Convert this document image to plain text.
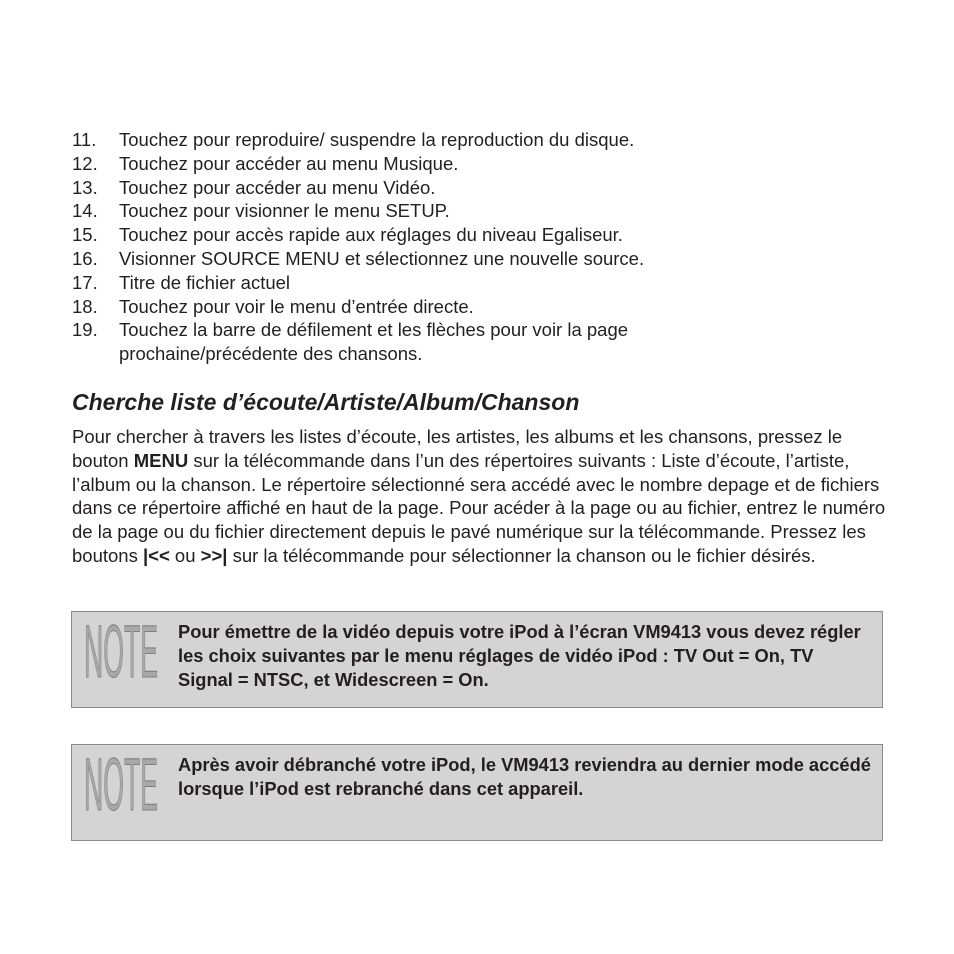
11.	Touchez pour reproduire/ suspendre la reproduction du disque.
12.	Touchez pour accéder au menu Musique.
13.	Touchez pour accéder au menu Vidéo.
14.	Touchez pour visionner le menu SETUP.
15.	Touchez pour accès rapide aux réglages du niveau Egaliseur.
16.	Visionner SOURCE MENU et sélectionnez une nouvelle source.
17.	Titre de fichier actuel
18.	Touchez pour voir le menu d’entrée directe.
19.	Touchez la barre de défilement et les flèches pour voir la page prochaine/précédente des chansons.
Cherche liste d’écoute/Artiste/Album/Chanson

Pour chercher à travers les listes d’écoute, les artistes, les albums et les chansons, pressez le bouton MENU sur la télécommande dans l’un des répertoires suivants : Liste d’écoute, l’artiste, l’album ou la chanson. Le répertoire sélectionné sera accédé avec le nombre depage et de fichiers dans ce répertoire affiché en haut de la page. Pour acéder à la page ou au fichier, entrez le numéro de la page ou du fichier directement depuis le pavé numérique sur la télécommande. Pressez les boutons |<< ou >>| sur la télécommande pour sélectionner la chanson ou le fichier désirés.

NOTE Pour émettre de la vidéo depuis votre iPod à l’écran VM9413 vous devez régler les choix suivantes par le menu réglages de vidéo iPod : TV Out = On, TV Signal = NTSC, et Widescreen = On.

NOTE Après avoir débranché votre iPod, le VM9413 reviendra au dernier mode accédé lorsque l’iPod est rebranché dans cet appareil.
